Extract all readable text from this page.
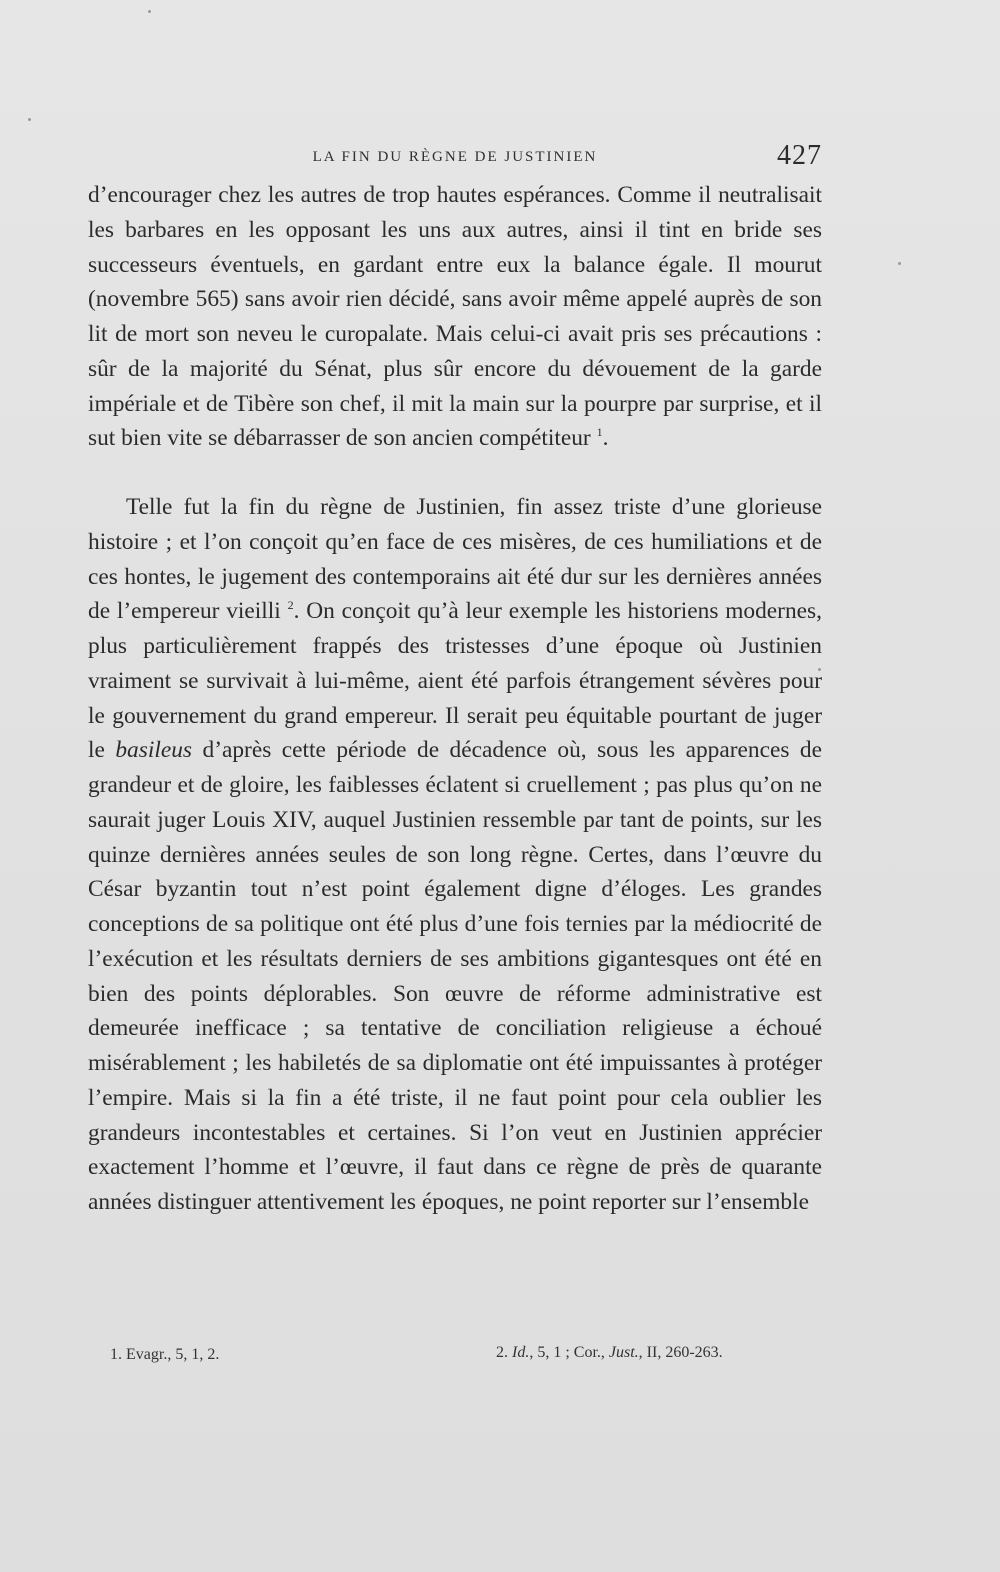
LA FIN DU RÈGNE DE JUSTINIEN	427

d’encourager chez les autres de trop hautes espérances. Comme il neutralisait les barbares en les opposant les uns aux autres, ainsi il tint en bride ses successeurs éventuels, en gardant entre eux la balance égale. Il mourut (novembre 565) sans avoir rien décidé, sans avoir même appelé auprès de son lit de mort son neveu le curopalate. Mais celui-ci avait pris ses précautions : sûr de la majorité du Sénat, plus sûr encore du dévouement de la garde impériale et de Tibère son chef, il mit la main sur la pourpre par surprise, et il sut bien vite se débarrasser de son ancien compétiteur $^1$.

Telle fut la fin du règne de Justinien, fin assez triste d’une glorieuse histoire ; et l’on conçoit qu’en face de ces misères, de ces humiliations et de ces hontes, le jugement des contemporains ait été dur sur les dernières années de l’empereur vieilli $^2$. On conçoit qu’à leur exemple les historiens modernes, plus particulièrement frappés des tristesses d’une époque où Justinien vraiment se survivait à lui-même, aient été parfois étrangement sévères pour le gouvernement du grand empereur. Il serait peu équitable pourtant de juger le basileus d’après cette période de décadence où, sous les apparences de grandeur et de gloire, les faiblesses éclatent si cruellement ; pas plus qu’on ne saurait juger Louis XIV, auquel Justinien ressemble par tant de points, sur les quinze dernières années seules de son long règne. Certes, dans l’œuvre du César byzantin tout n’est point également digne d’éloges. Les grandes conceptions de sa politique ont été plus d’une fois ternies par la médiocrité de l’exécution et les résultats derniers de ses ambitions gigantesques ont été en bien des points déplorables. Son œuvre de réforme administrative est demeurée inefficace ; sa tentative de conciliation religieuse a échoué misérablement ; les habiletés de sa diplomatie ont été impuissantes à protéger l’empire. Mais si la fin a été triste, il ne faut point pour cela oublier les grandeurs incontestables et certaines. Si l’on veut en Justinien apprécier exactement l’homme et l’œuvre, il faut dans ce règne de près de quarante années distinguer attentivement les époques, ne point reporter sur l’ensemble

1. Evagr., 5, 1, 2.	2. Id., 5, 1 ; Cor., Just., II, 260-263.
